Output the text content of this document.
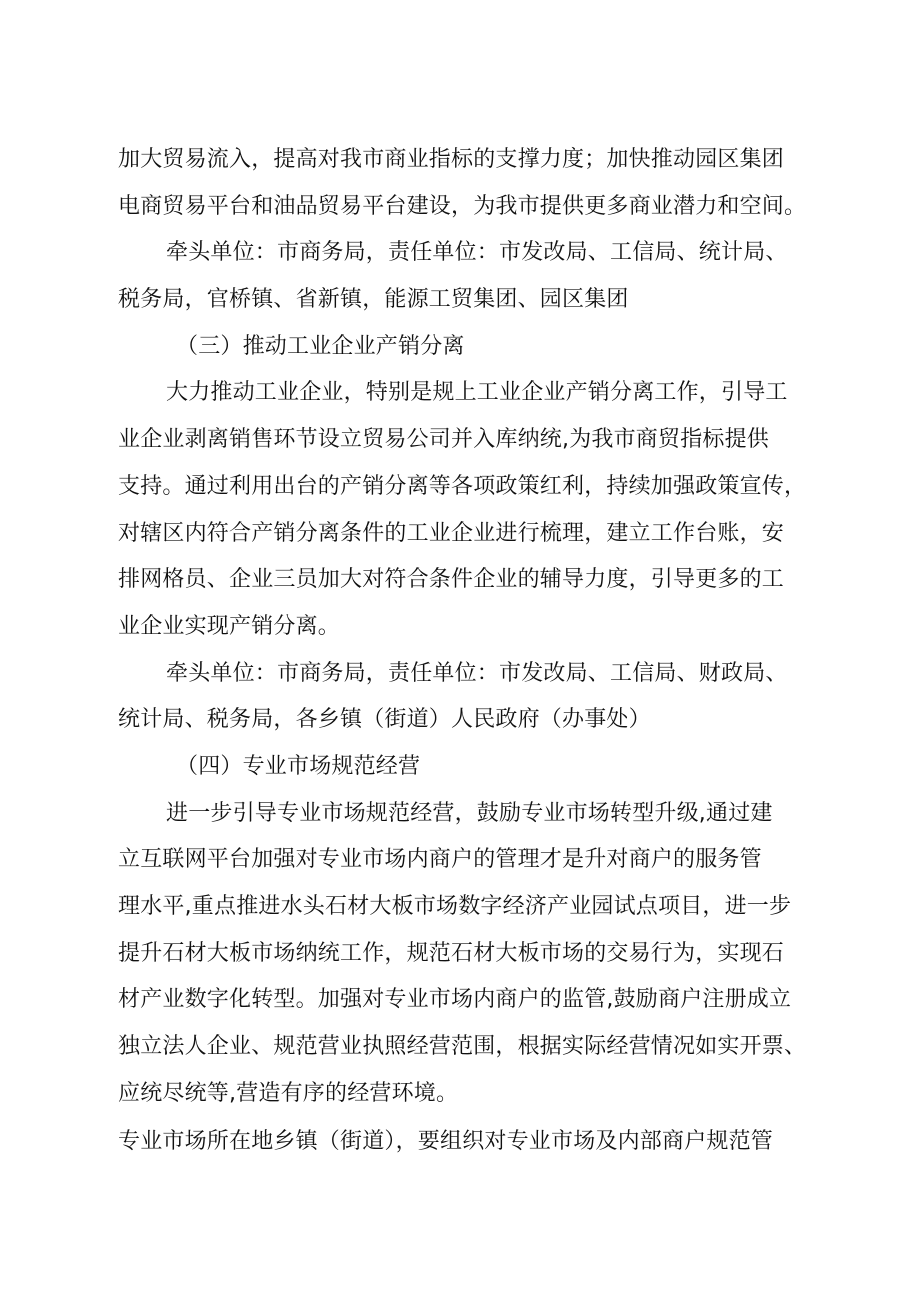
加大贸易流入，提高对我市商业指标的支撑力度；加快推动园区集团
电商贸易平台和油品贸易平台建设，为我市提供更多商业潜力和空间。
牵头单位：市商务局，责任单位：市发改局、工信局、统计局、
税务局，官桥镇、省新镇，能源工贸集团、园区集团
（三）推动工业企业产销分离
大力推动工业企业，特别是规上工业企业产销分离工作，引导工
业企业剥离销售环节设立贸易公司并入库纳统,为我市商贸指标提供
支持。通过利用出台的产销分离等各项政策红利，持续加强政策宣传，
对辖区内符合产销分离条件的工业企业进行梳理，建立工作台账，安
排网格员、企业三员加大对符合条件企业的辅导力度，引导更多的工
业企业实现产销分离。
牵头单位：市商务局，责任单位：市发改局、工信局、财政局、
统计局、税务局，各乡镇（街道）人民政府（办事处）
（四）专业市场规范经营
进一步引导专业市场规范经营，鼓励专业市场转型升级,通过建
立互联网平台加强对专业市场内商户的管理才是升对商户的服务管
理水平,重点推进水头石材大板市场数字经济产业园试点项目，进一步
提升石材大板市场纳统工作，规范石材大板市场的交易行为，实现石
材产业数字化转型。加强对专业市场内商户的监管,鼓励商户注册成立
独立法人企业、规范营业执照经营范围，根据实际经营情况如实开票、
应统尽统等,营造有序的经营环境。
专业市场所在地乡镇（街道），要组织对专业市场及内部商户规范管
